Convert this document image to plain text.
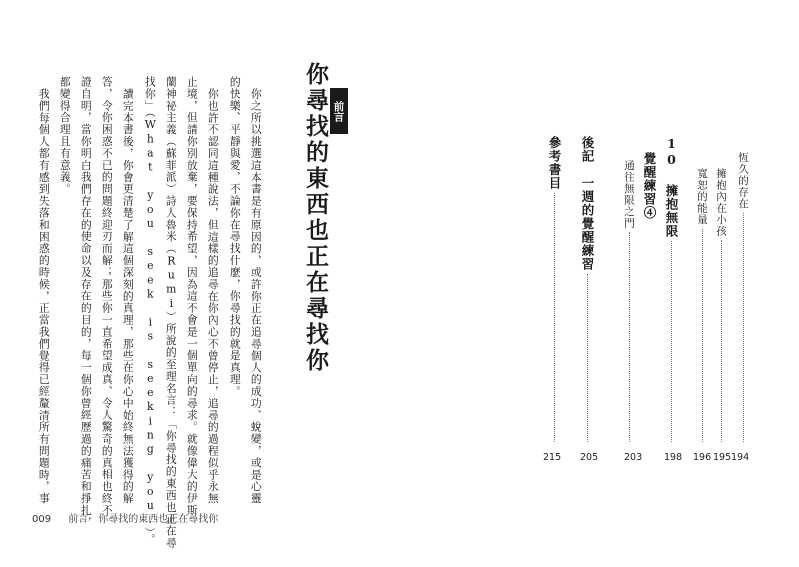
恆久的存在
194
擁抱內在小孩
195
寬恕的能量
196
10 擁抱無限
198
覺醒練習④
通往無限之門
203
後記　一週的覺醒練習
205
參考書目
215
前言
你尋找的東西也正在尋找你
你之所以挑選這本書是有原因的，或許你正在追尋個人的成功、蛻變，或是心靈
的快樂、平靜與愛，不論你在尋找什麼，你尋找的就是真理。
你也許不認同這種說法，但這樣的追尋在你內心不曾停止，追尋的過程似乎永無
止境，但請你別放棄，要保持希望，因為這不會是一個單向的尋求。就像偉大的伊斯
蘭神祕主義（蘇菲派）詩人魯米（Rumi）所說的至理名言：「你尋找的東西也正在尋
找你」（What you seek is seeking you.）。
讀完本書後，你會更清楚了解這個深刻的真理，那些在你心中始終無法獲得的解
答，令你困惑不已的問題終迎刃而解；那些你一直希望成真、令人驚奇的真相也終不
證自明，當你明白我們存在的使命以及存在的目的，每一個你曾經歷過的痛苦和掙扎，
都變得合理且有意義。
我們每個人都有感到失落和困惑的時候，正當我們覺得已經釐清所有問題時，事
009 前言　你尋找的東西也正在尋找你
